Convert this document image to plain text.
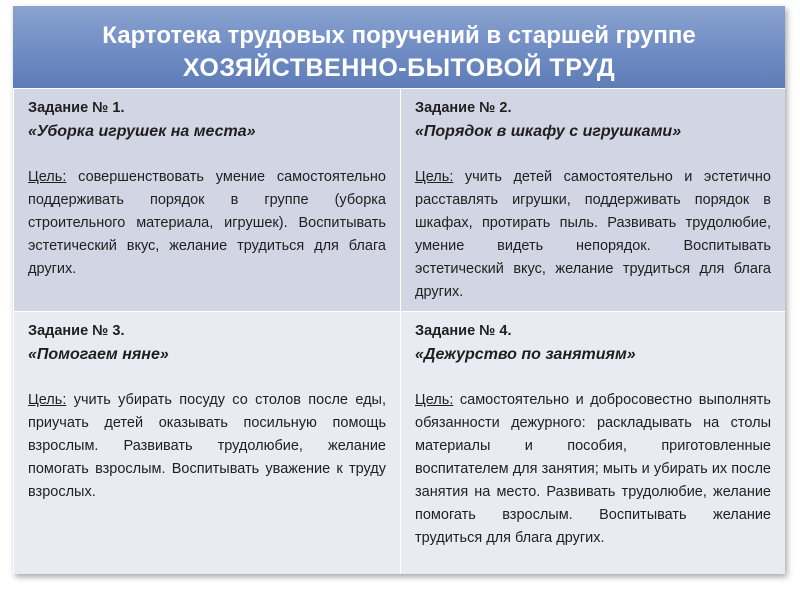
Картотека трудовых поручений в старшей группе
ХОЗЯЙСТВЕННО-БЫТОВОЙ ТРУД
Задание № 1.
«Уборка игрушек на места»
Цель: совершенствовать умение самостоятельно поддерживать порядок в группе (уборка строительного материала, игрушек). Воспитывать эстетический вкус, желание трудиться для блага других.
Задание № 2.
«Порядок в шкафу с игрушками»
Цель: учить детей самостоятельно и эстетично расставлять игрушки, поддерживать порядок в шкафах, протирать пыль. Развивать трудолюбие, умение видеть непорядок. Воспитывать эстетический вкус, желание трудиться для блага других.
Задание № 3.
«Помогаем няне»
Цель: учить убирать посуду со столов после еды, приучать детей оказывать посильную помощь взрослым. Развивать трудолюбие, желание помогать взрослым. Воспитывать уважение к труду взрослых.
Задание № 4.
«Дежурство по занятиям»
Цель: самостоятельно и добросовестно выполнять обязанности дежурного: раскладывать на столы материалы и пособия, приготовленные воспитателем для занятия; мыть и убирать их после занятия на место. Развивать трудолюбие, желание помогать взрослым. Воспитывать желание трудиться для блага других.
